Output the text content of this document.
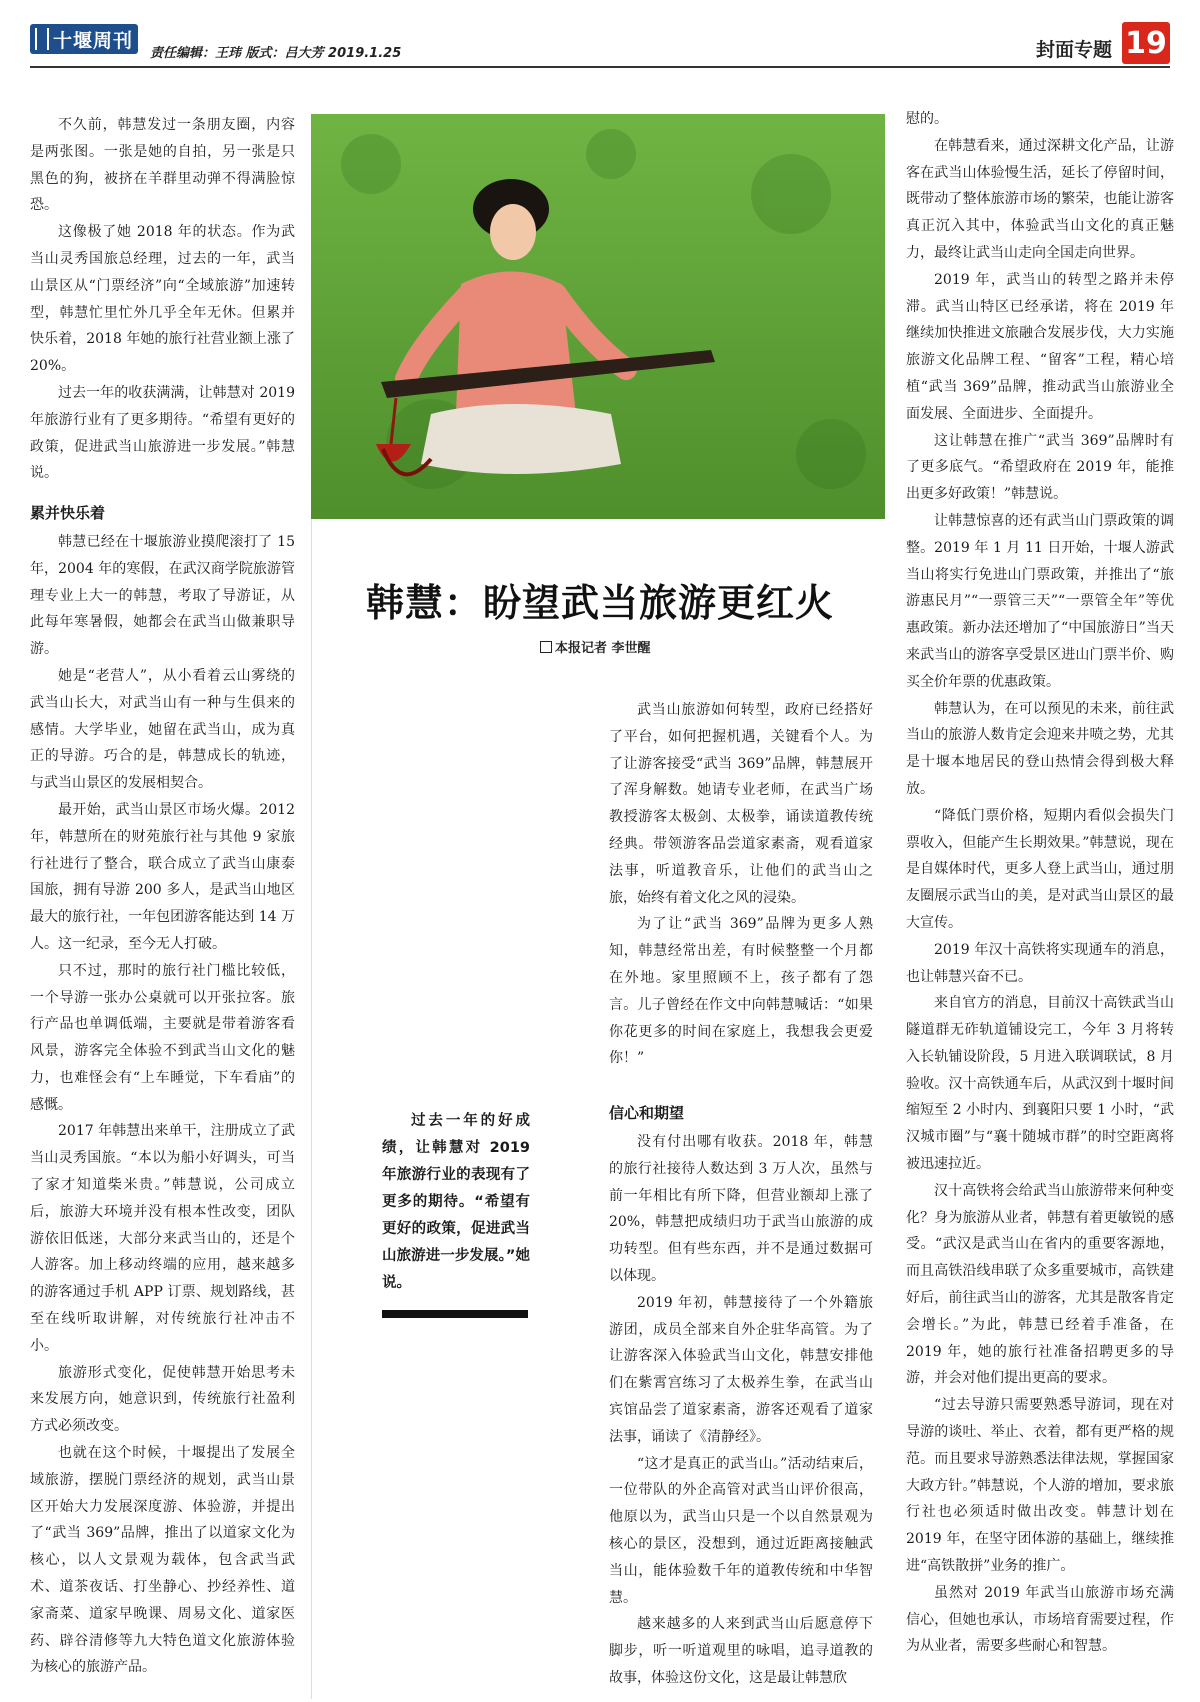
十堰周刊
责任编辑：王玮 版式：吕大芳 2019.1.25	封面专题 19

不久前，韩慧发过一条朋友圈，内容是两张图。一张是她的自拍，另一张是只黑色的狗，被挤在羊群里动弹不得满脸惊恐。

这像极了她 2018 年的状态。作为武当山灵秀国旅总经理，过去的一年，武当山景区从“门票经济”向“全域旅游”加速转型，韩慧忙里忙外几乎全年无休。但累并快乐着，2018 年她的旅行社营业额上涨了 20%。

过去一年的收获满满，让韩慧对 2019 年旅游行业有了更多期待。“希望有更好的政策，促进武当山旅游进一步发展。”韩慧说。

累并快乐着

韩慧已经在十堰旅游业摸爬滚打了 15 年，2004 年的寒假，在武汉商学院旅游管理专业上大一的韩慧，考取了导游证，从此每年寒暑假，她都会在武当山做兼职导游。

她是“老营人”，从小看着云山雾绕的武当山长大，对武当山有一种与生俱来的感情。大学毕业，她留在武当山，成为真正的导游。巧合的是，韩慧成长的轨迹，与武当山景区的发展相契合。

最开始，武当山景区市场火爆。2012 年，韩慧所在的财苑旅行社与其他 9 家旅行社进行了整合，联合成立了武当山康泰国旅，拥有导游 200 多人，是武当山地区最大的旅行社，一年包团游客能达到 14 万人。这一纪录，至今无人打破。

只不过，那时的旅行社门槛比较低，一个导游一张办公桌就可以开张拉客。旅行产品也单调低端，主要就是带着游客看风景，游客完全体验不到武当山文化的魅力，也难怪会有“上车睡觉，下车看庙”的感慨。

2017 年韩慧出来单干，注册成立了武当山灵秀国旅。“本以为船小好调头，可当了家才知道柴米贵。”韩慧说，公司成立后，旅游大环境并没有根本性改变，团队游依旧低迷，大部分来武当山的，还是个人游客。加上移动终端的应用，越来越多的游客通过手机 APP 订票、规划路线，甚至在线听取讲解，对传统旅行社冲击不小。

旅游形式变化，促使韩慧开始思考未来发展方向，她意识到，传统旅行社盈利方式必须改变。

也就在这个时候，十堰提出了发展全域旅游，摆脱门票经济的规划，武当山景区开始大力发展深度游、体验游，并提出了“武当 369”品牌，推出了以道家文化为核心，以人文景观为载体，包含武当武术、道茶夜话、打坐静心、抄经养性、道家斋菜、道家早晚课、周易文化、道家医药、辟谷清修等九大特色道文化旅游体验为核心的旅游产品。

韩慧：盼望武当旅游更红火
本报记者 李世醒

过去一年的好成绩，让韩慧对 2019 年旅游行业的表现有了更多的期待。“希望有更好的政策，促进武当山旅游进一步发展。”她说。

武当山旅游如何转型，政府已经搭好了平台，如何把握机遇，关键看个人。为了让游客接受“武当 369”品牌，韩慧展开了浑身解数。她请专业老师，在武当广场教授游客太极剑、太极拳，诵读道教传统经典。带领游客品尝道家素斋，观看道家法事，听道教音乐，让他们的武当山之旅，始终有着文化之风的浸染。

为了让“武当 369”品牌为更多人熟知，韩慧经常出差，有时候整整一个月都在外地。家里照顾不上，孩子都有了怨言。儿子曾经在作文中向韩慧喊话：“如果你花更多的时间在家庭上，我想我会更爱你！”

信心和期望

没有付出哪有收获。2018 年，韩慧的旅行社接待人数达到 3 万人次，虽然与前一年相比有所下降，但营业额却上涨了 20%，韩慧把成绩归功于武当山旅游的成功转型。但有些东西，并不是通过数据可以体现。

2019 年初，韩慧接待了一个外籍旅游团，成员全部来自外企驻华高管。为了让游客深入体验武当山文化，韩慧安排他们在紫霄宫练习了太极养生拳，在武当山宾馆品尝了道家素斋，游客还观看了道家法事，诵读了《清静经》。

“这才是真正的武当山。”活动结束后，一位带队的外企高管对武当山评价很高，他原以为，武当山只是一个以自然景观为核心的景区，没想到，通过近距离接触武当山，能体验数千年的道教传统和中华智慧。

越来越多的人来到武当山后愿意停下脚步，听一听道观里的咏唱，追寻道教的故事，体验这份文化，这是最让韩慧欣

慰的。

在韩慧看来，通过深耕文化产品，让游客在武当山体验慢生活，延长了停留时间，既带动了整体旅游市场的繁荣，也能让游客真正沉入其中，体验武当山文化的真正魅力，最终让武当山走向全国走向世界。

2019 年，武当山的转型之路并未停滞。武当山特区已经承诺，将在 2019 年继续加快推进文旅融合发展步伐，大力实施旅游文化品牌工程、“留客”工程，精心培植“武当 369”品牌，推动武当山旅游业全面发展、全面进步、全面提升。

这让韩慧在推广“武当 369”品牌时有了更多底气。“希望政府在 2019 年，能推出更多好政策！”韩慧说。

让韩慧惊喜的还有武当山门票政策的调整。2019 年 1 月 11 日开始，十堰人游武当山将实行免进山门票政策，并推出了“旅游惠民月”“一票管三天”“一票管全年”等优惠政策。新办法还增加了“中国旅游日”当天来武当山的游客享受景区进山门票半价、购买全价年票的优惠政策。

韩慧认为，在可以预见的未来，前往武当山的旅游人数肯定会迎来井喷之势，尤其是十堰本地居民的登山热情会得到极大释放。

“降低门票价格，短期内看似会损失门票收入，但能产生长期效果。”韩慧说，现在是自媒体时代，更多人登上武当山，通过朋友圈展示武当山的美，是对武当山景区的最大宣传。

2019 年汉十高铁将实现通车的消息，也让韩慧兴奋不已。

来自官方的消息，目前汉十高铁武当山隧道群无砟轨道铺设完工，今年 3 月将转入长轨铺设阶段，5 月进入联调联试，8 月验收。汉十高铁通车后，从武汉到十堰时间缩短至 2 小时内、到襄阳只要 1 小时，“武汉城市圈”与“襄十随城市群”的时空距离将被迅速拉近。

汉十高铁将会给武当山旅游带来何种变化？身为旅游从业者，韩慧有着更敏锐的感受。“武汉是武当山在省内的重要客源地，而且高铁沿线串联了众多重要城市，高铁建好后，前往武当山的游客，尤其是散客肯定会增长。”为此，韩慧已经着手准备，在 2019 年，她的旅行社准备招聘更多的导游，并会对他们提出更高的要求。

“过去导游只需要熟悉导游词，现在对导游的谈吐、举止、衣着，都有更严格的规范。而且要求导游熟悉法律法规，掌握国家大政方针。”韩慧说，个人游的增加，要求旅行社也必须适时做出改变。韩慧计划在 2019 年，在坚守团体游的基础上，继续推进“高铁散拼”业务的推广。

虽然对 2019 年武当山旅游市场充满信心，但她也承认，市场培育需要过程，作为从业者，需要多些耐心和智慧。
